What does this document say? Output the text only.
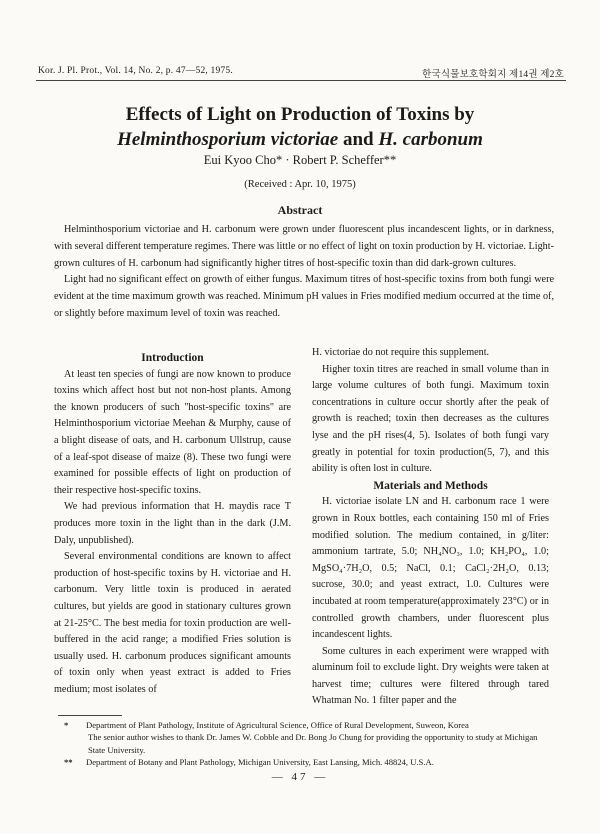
Kor. J. Pl. Prot., Vol. 14, No. 2, p. 47—52, 1975.	한국식물보호학회지 제14권 제2호
Effects of Light on Production of Toxins by
Helminthosporium victoriae and H. carbonum
Eui Kyoo Cho* · Robert P. Scheffer**
(Received : Apr. 10, 1975)
Abstract

Helminthosporium victoriae and H. carbonum were grown under fluorescent plus incandescent lights, or in darkness, with several different temperature regimes. There was little or no effect of light on toxin production by H. victoriae. Light-grown cultures of H. carbonum had significantly higher titres of host-specific toxin than did dark-grown cultures.

Light had no significant effect on growth of either fungus. Maximum titres of host-specific toxins from both fungi were evident at the time maximum growth was reached. Minimum pH values in Fries modified medium occurred at the time of, or slightly before maximum level of toxin was reached.

Introduction

At least ten species of fungi are now known to produce toxins which affect host but not non-host plants. Among the known producers of such "host-specific toxins" are Helminthosporium victoriae Meehan & Murphy, cause of a blight disease of oats, and H. carbonum Ullstrup, cause of a leaf-spot disease of maize (8). These two fungi were examined for possible effects of light on production of their respective host-specific toxins.

We had previous information that H. maydis race T produces more toxin in the light than in the dark (J.M. Daly, unpublished).

Several environmental conditions are known to affect production of host-specific toxins by H. victoriae and H. carbonum. Very little toxin is produced in aerated cultures, but yields are good in stationary cultures grown at 21-25°C. The best media for toxin production are well-buffered in the acid range; a modified Fries solution is usually used. H. carbonum produces significant amounts of toxin only when yeast extract is added to Fries medium; most isolates of

H. victoriae do not require this supplement.

Higher toxin titres are reached in small volume than in large volume cultures of both fungi. Maximum toxin concentrations in culture occur shortly after the peak of growth is reached; toxin then decreases as the cultures lyse and the pH rises(4, 5). Isolates of both fungi vary greatly in potential for toxin production(5, 7), and this ability is often lost in culture.

Materials and Methods

H. victoriae isolate LN and H. carbonum race 1 were grown in Roux bottles, each containing 150 ml of Fries modified solution. The medium contained, in g/liter: ammonium tartrate, 5.0; NH₄NO₃, 1.0; KH₂PO₄, 1.0; MgSO₄·7H₂O, 0.5; NaCl, 0.1; CaCl₂·2H₂O, 0.13; sucrose, 30.0; and yeast extract, 1.0. Cultures were incubated at room temperature(approximately 23°C) or in controlled growth chambers, under fluorescent plus incandescent lights.

Some cultures in each experiment were wrapped with aluminum foil to exclude light. Dry weights were taken at harvest time; cultures were filtered through tared Whatman No. 1 filter paper and the

*	Department of Plant Pathology, Institute of Agricultural Science, Office of Rural Development, Suweon, Korea
The senior author wishes to thank Dr. James W. Cobble and Dr. Bong Jo Chung for providing the opportunity to study at Michigan State University.
**	Department of Botany and Plant Pathology, Michigan University, East Lansing, Mich. 48824, U.S.A.
— 47 —
